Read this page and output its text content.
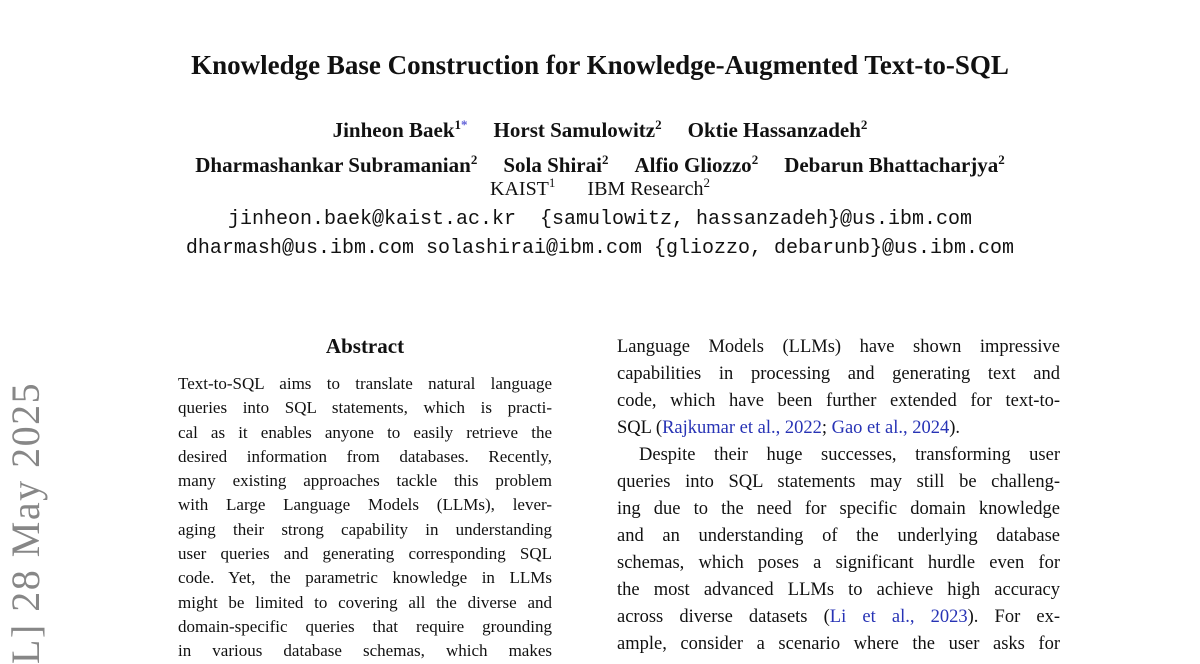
L] 28 May 2025
Knowledge Base Construction for Knowledge-Augmented Text-to-SQL
Jinheon Baek$^{1*}$ Horst Samulowitz$^2$ Oktie Hassanzadeh$^2$
Dharmashankar Subramanian$^2$ Sola Shirai$^2$ Alfio Gliozzo$^2$ Debarun Bhattacharjya$^2$
KAIST$^1$ IBM Research$^2$
jinheon.baek@kaist.ac.kr  {samulowitz, hassanzadeh}@us.ibm.com
dharmash@us.ibm.com solashirai@ibm.com {gliozzo, debarunb}@us.ibm.com
Abstract
Text-to-SQL aims to translate natural language
queries into SQL statements, which is practi-
cal as it enables anyone to easily retrieve the
desired information from databases. Recently,
many existing approaches tackle this problem
with Large Language Models (LLMs), lever-
aging their strong capability in understanding
user queries and generating corresponding SQL
code. Yet, the parametric knowledge in LLMs
might be limited to covering all the diverse and
domain-specific queries that require grounding
in various database schemas, which makes
Language Models (LLMs) have shown impressive
capabilities in processing and generating text and
code, which have been further extended for text-to-
SQL (Rajkumar et al., 2022; Gao et al., 2024).
Despite their huge successes, transforming user
queries into SQL statements may still be challeng-
ing due to the need for specific domain knowledge
and an understanding of the underlying database
schemas, which poses a significant hurdle even for
the most advanced LLMs to achieve high accuracy
across diverse datasets (Li et al., 2023). For ex-
ample, consider a scenario where the user asks for
